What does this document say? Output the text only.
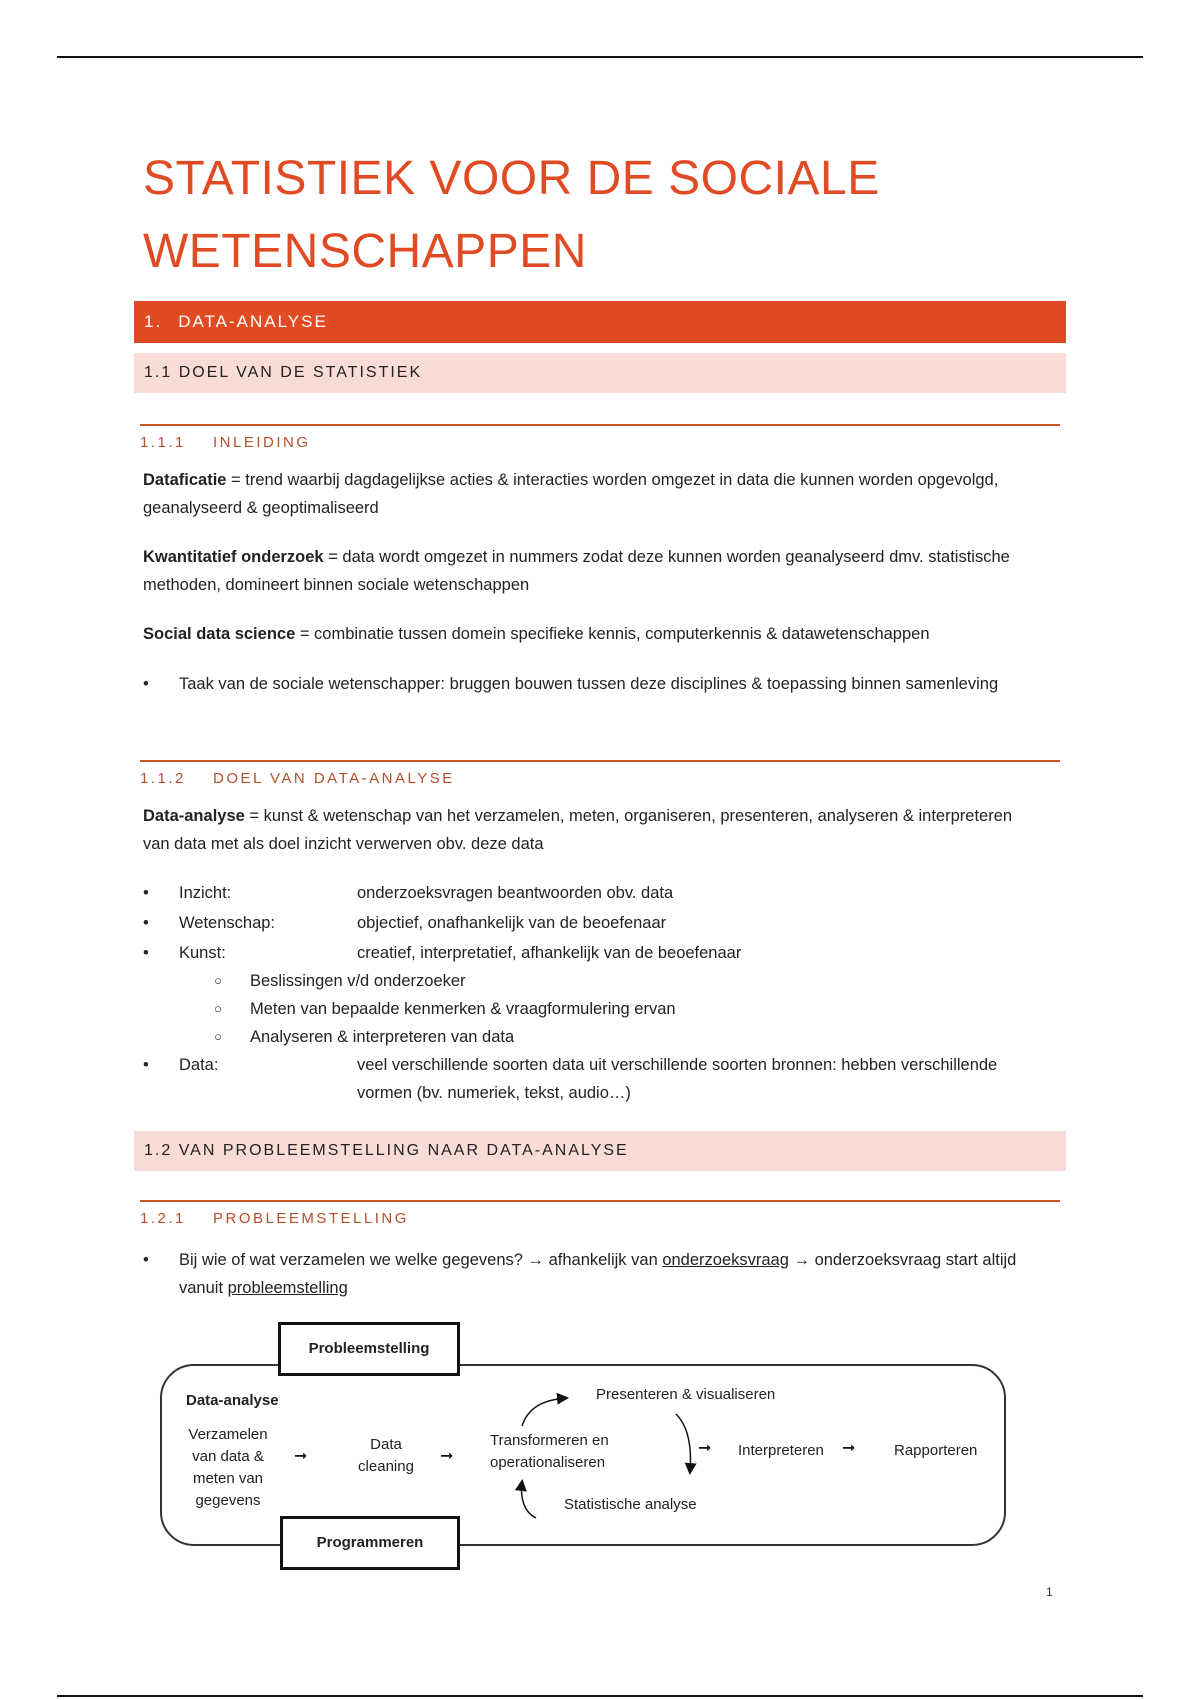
STATISTIEK VOOR DE SOCIALE
WETENSCHAPPEN
1. DATA-ANALYSE
1.1 DOEL VAN DE STATISTIEK
1.1.1 INLEIDING
Dataficatie = trend waarbij dagdagelijkse acties & interacties worden omgezet in data die kunnen worden opgevolgd, geanalyseerd & geoptimaliseerd
Kwantitatief onderzoek = data wordt omgezet in nummers zodat deze kunnen worden geanalyseerd dmv. statistische methoden, domineert binnen sociale wetenschappen
Social data science = combinatie tussen domein specifieke kennis, computerkennis & datawetenschappen
• Taak van de sociale wetenschapper: bruggen bouwen tussen deze disciplines & toepassing binnen samenleving
1.1.2 DOEL VAN DATA-ANALYSE
Data-analyse = kunst & wetenschap van het verzamelen, meten, organiseren, presenteren, analyseren & interpreteren van data met als doel inzicht verwerven obv. deze data
• Inzicht:	onderzoeksvragen beantwoorden obv. data
• Wetenschap:	objectief, onafhankelijk van de beoefenaar
• Kunst:	creatief, interpretatief, afhankelijk van de beoefenaar
○ Beslissingen v/d onderzoeker
○ Meten van bepaalde kenmerken & vraagformulering ervan
○ Analyseren & interpreteren van data
• Data:	veel verschillende soorten data uit verschillende soorten bronnen: hebben verschillende vormen (bv. numeriek, tekst, audio…)
1.2 VAN PROBLEEMSTELLING NAAR DATA-ANALYSE
1.2.1 PROBLEEMSTELLING
• Bij wie of wat verzamelen we welke gegevens? → afhankelijk van onderzoeksvraag → onderzoeksvraag start altijd vanuit probleemstelling
Probleemstelling
Programmeren
Data-analyse
Verzamelen van data & meten van gegevens
➞
Data cleaning
➞
Transformeren en operationaliseren
Presenteren & visualiseren
Statistische analyse
➞ Interpreteren ➞	Rapporteren
1
